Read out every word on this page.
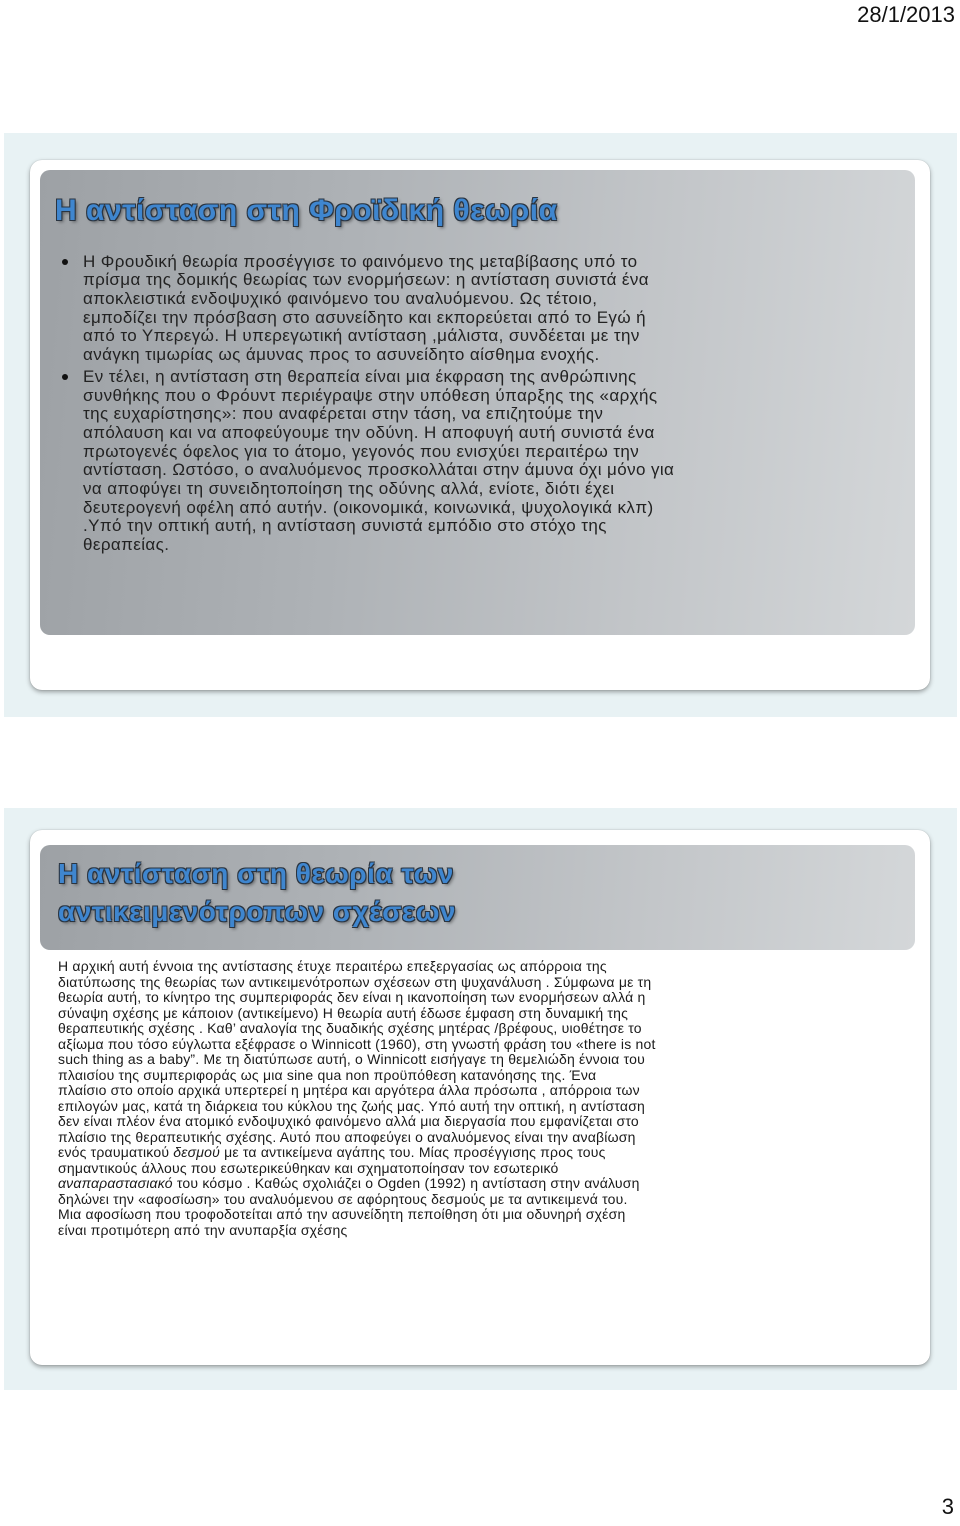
28/1/2013
Η αντίσταση στη Φροϊδική θεωρία
Η Φρουδική θεωρία προσέγγισε το φαινόμενο της μεταβίβασης υπό το
πρίσμα της δομικής θεωρίας των ενορμήσεων: η αντίσταση συνιστά ένα
αποκλειστικά ενδοψυχικό φαινόμενο του αναλυόμενου. Ως τέτοιο,
εμποδίζει την πρόσβαση στο ασυνείδητο και εκπορεύεται από το Εγώ ή
από το Υπερεγώ. Η υπερεγωτική αντίσταση ,μάλιστα, συνδέεται με την
ανάγκη τιμωρίας ως άμυνας προς το ασυνείδητο αίσθημα ενοχής.
Εν τέλει, η αντίσταση στη θεραπεία είναι μια έκφραση της ανθρώπινης
συνθήκης που ο Φρόυντ περιέγραψε στην υπόθεση ύπαρξης της «αρχής
της ευχαρίστησης»: που αναφέρεται στην τάση, να επιζητούμε την
απόλαυση και να αποφεύγουμε την οδύνη. Η αποφυγή αυτή συνιστά ένα
πρωτογενές όφελος για το άτομο, γεγονός που ενισχύει περαιτέρω την
αντίσταση. Ωστόσο, ο αναλυόμενος προσκολλάται στην άμυνα όχι μόνο για
να αποφύγει τη συνειδητοποίηση της οδύνης αλλά, ενίοτε, διότι έχει
δευτερογενή οφέλη από αυτήν. (οικονομικά, κοινωνικά, ψυχολογικά κλπ)
.Υπό την οπτική αυτή, η αντίσταση συνιστά εμπόδιο στο στόχο της
θεραπείας.
Η αντίσταση στη θεωρία των
αντικειμενότροπων σχέσεων
Η αρχική αυτή έννοια της αντίστασης έτυχε περαιτέρω επεξεργασίας ως απόρροια της
διατύπωσης της θεωρίας των αντικειμενότροπων σχέσεων στη ψυχανάλυση . Σύμφωνα με τη
θεωρία αυτή, το κίνητρο της συμπεριφοράς δεν είναι η ικανοποίηση των ενορμήσεων αλλά η
σύναψη σχέσης με κάποιον (αντικείμενο) Η θεωρία αυτή έδωσε έμφαση στη δυναμική της
θεραπευτικής σχέσης . Καθ’ αναλογία της δυαδικής σχέσης μητέρας /βρέφους, υιοθέτησε το
αξίωμα που τόσο εύγλωττα εξέφρασε ο Winnicott (1960), στη γνωστή φράση του «there is not
such thing as a baby”. Με τη διατύπωσε αυτή, ο Winnicott εισήγαγε τη θεμελιώδη έννοια του
πλαισίου της συμπεριφοράς ως μια sine qua non προϋπόθεση κατανόησης της. Ένα
πλαίσιο στο οποίο αρχικά υπερτερεί η μητέρα και αργότερα άλλα πρόσωπα , απόρροια των
επιλογών μας, κατά τη διάρκεια του κύκλου της ζωής μας. Υπό αυτή την οπτική, η αντίσταση
δεν είναι πλέον ένα ατομικό ενδοψυχικό φαινόμενο αλλά μια διεργασία που εμφανίζεται στο
πλαίσιο της θεραπευτικής σχέσης. Αυτό που αποφεύγει ο αναλυόμενος είναι την αναβίωση
ενός τραυματικού δεσμού με τα αντικείμενα αγάπης του. Μίας προσέγγισης προς τους
σημαντικούς άλλους που εσωτερικεύθηκαν και σχηματοποίησαν τον εσωτερικό
αναπαραστασιακό του κόσμο . Καθώς σχολιάζει ο Ogden (1992) η αντίσταση στην ανάλυση
δηλώνει την «αφοσίωση» του αναλυόμενου σε αφόρητους δεσμούς με τα αντικειμενά του.
Μια αφοσίωση που τροφοδοτείται από την ασυνείδητη πεποίθηση ότι μια οδυνηρή σχέση
είναι προτιμότερη από την ανυπαρξία σχέσης
3
